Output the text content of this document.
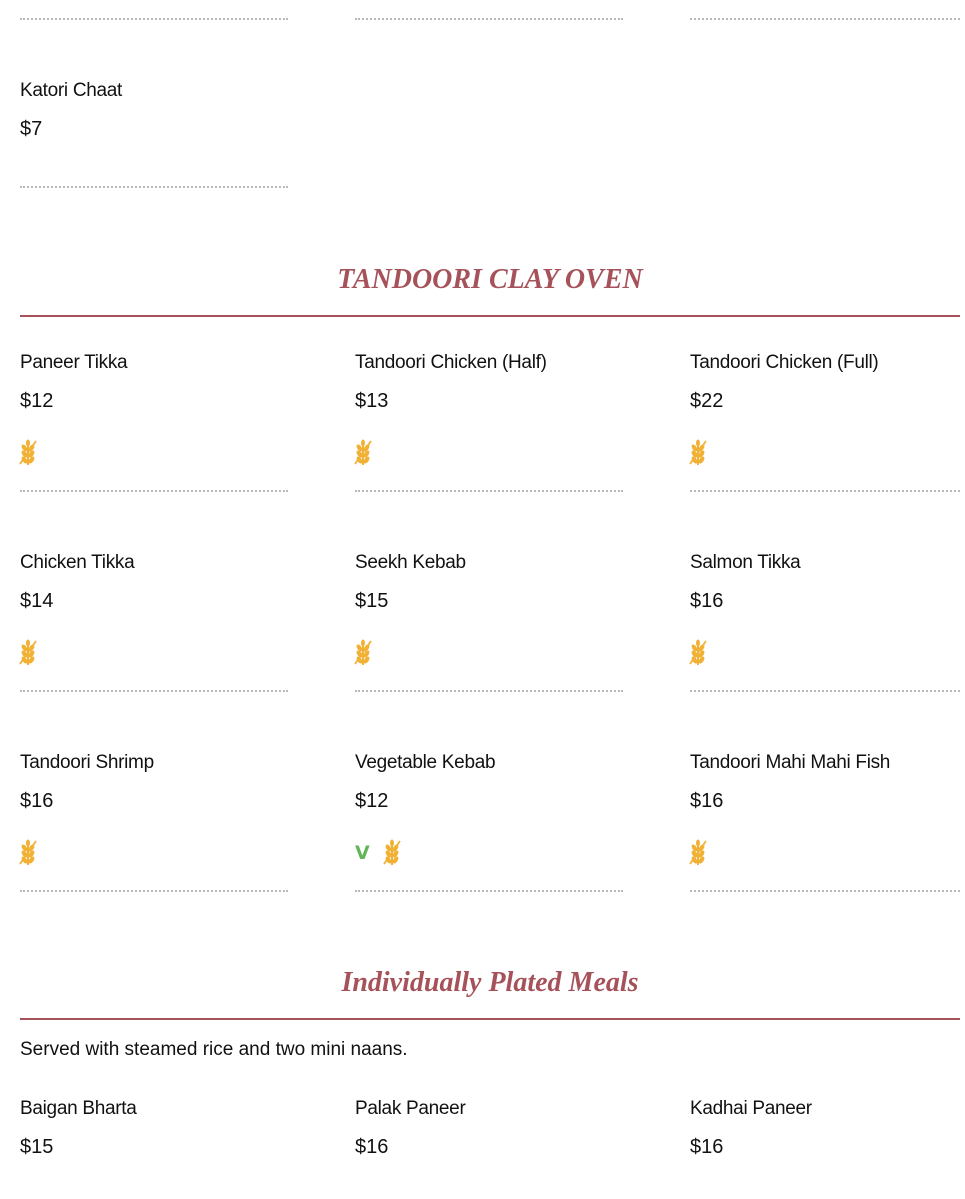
Katori Chaat
$7
TANDOORI CLAY OVEN
Paneer Tikka
$12
Tandoori Chicken (Half)
$13
Tandoori Chicken (Full)
$22
Chicken Tikka
$14
Seekh Kebab
$15
Salmon Tikka
$16
Tandoori Shrimp
$16
Vegetable Kebab
$12
V
Tandoori Mahi Mahi Fish
$16
Individually Plated Meals
Served with steamed rice and two mini naans.
Baigan Bharta
$15
Palak Paneer
$16
Kadhai Paneer
$16
